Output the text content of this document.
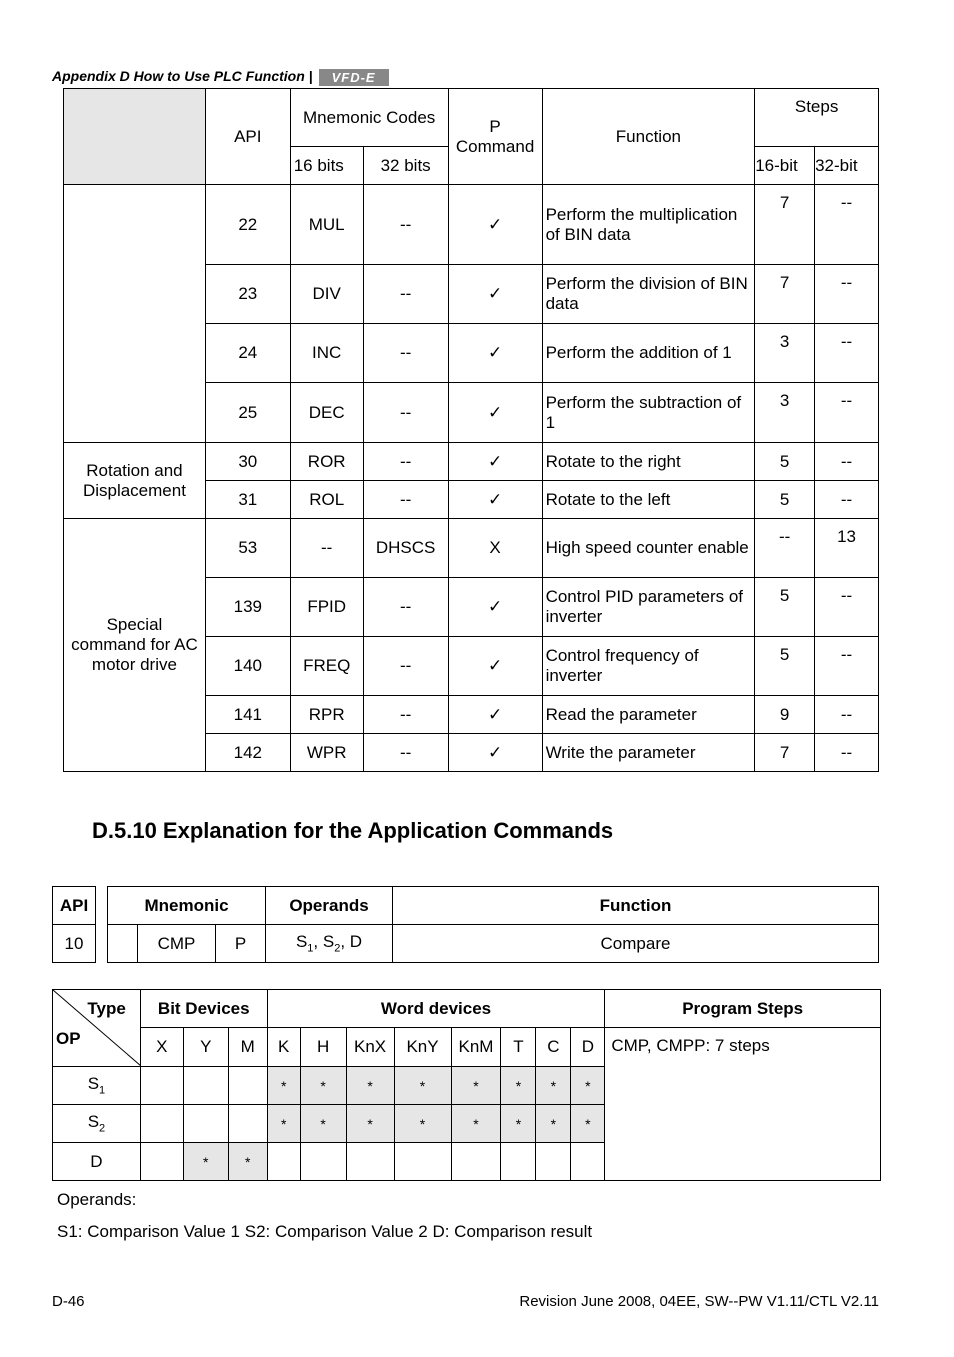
Appendix D How to Use PLC Function | VFD-E
	API	Mnemonic Codes		P Command	Function	Steps	
		16 bits	32 bits			16-bit	32-bit
	22	MUL	--	✓	Perform the multiplication of BIN data	7	--
	23	DIV	--	✓	Perform the division of BIN data	7	--
	24	INC	--	✓	Perform the addition of 1	3	--
	25	DEC	--	✓	Perform the subtraction of 1	3	--
Rotation and Displacement	30	ROR	--	✓	Rotate to the right	5	--
	31	ROL	--	✓	Rotate to the left	5	--
Special command for AC motor drive	53	--	DHSCS	X	High speed counter enable	--	13
	139	FPID	--	✓	Control PID parameters of inverter	5	--
	140	FREQ	--	✓	Control frequency of inverter	5	--
	141	RPR	--	✓	Read the parameter	9	--
	142	WPR	--	✓	Write the parameter	7	--
D.5.10 Explanation for the Application Commands
API
10
Mnemonic			Operands	Function
	CMP	P	$S_1$, $S_2$, D	Compare
Type
OP	Bit Devices			Word devices								Program Steps
	X	Y	M	K	H	KnX	KnY	KnM	T	C	D	CMP, CMPP: 7 steps
$S_1$				*	*	*	*	*	*	*	*	
$S_2$				*	*	*	*	*	*	*	*	
D		*	*									
Operands:
S1: Comparison Value 1 S2: Comparison Value 2 D: Comparison result
D-46	Revision June 2008, 04EE, SW--PW V1.11/CTL V2.11
